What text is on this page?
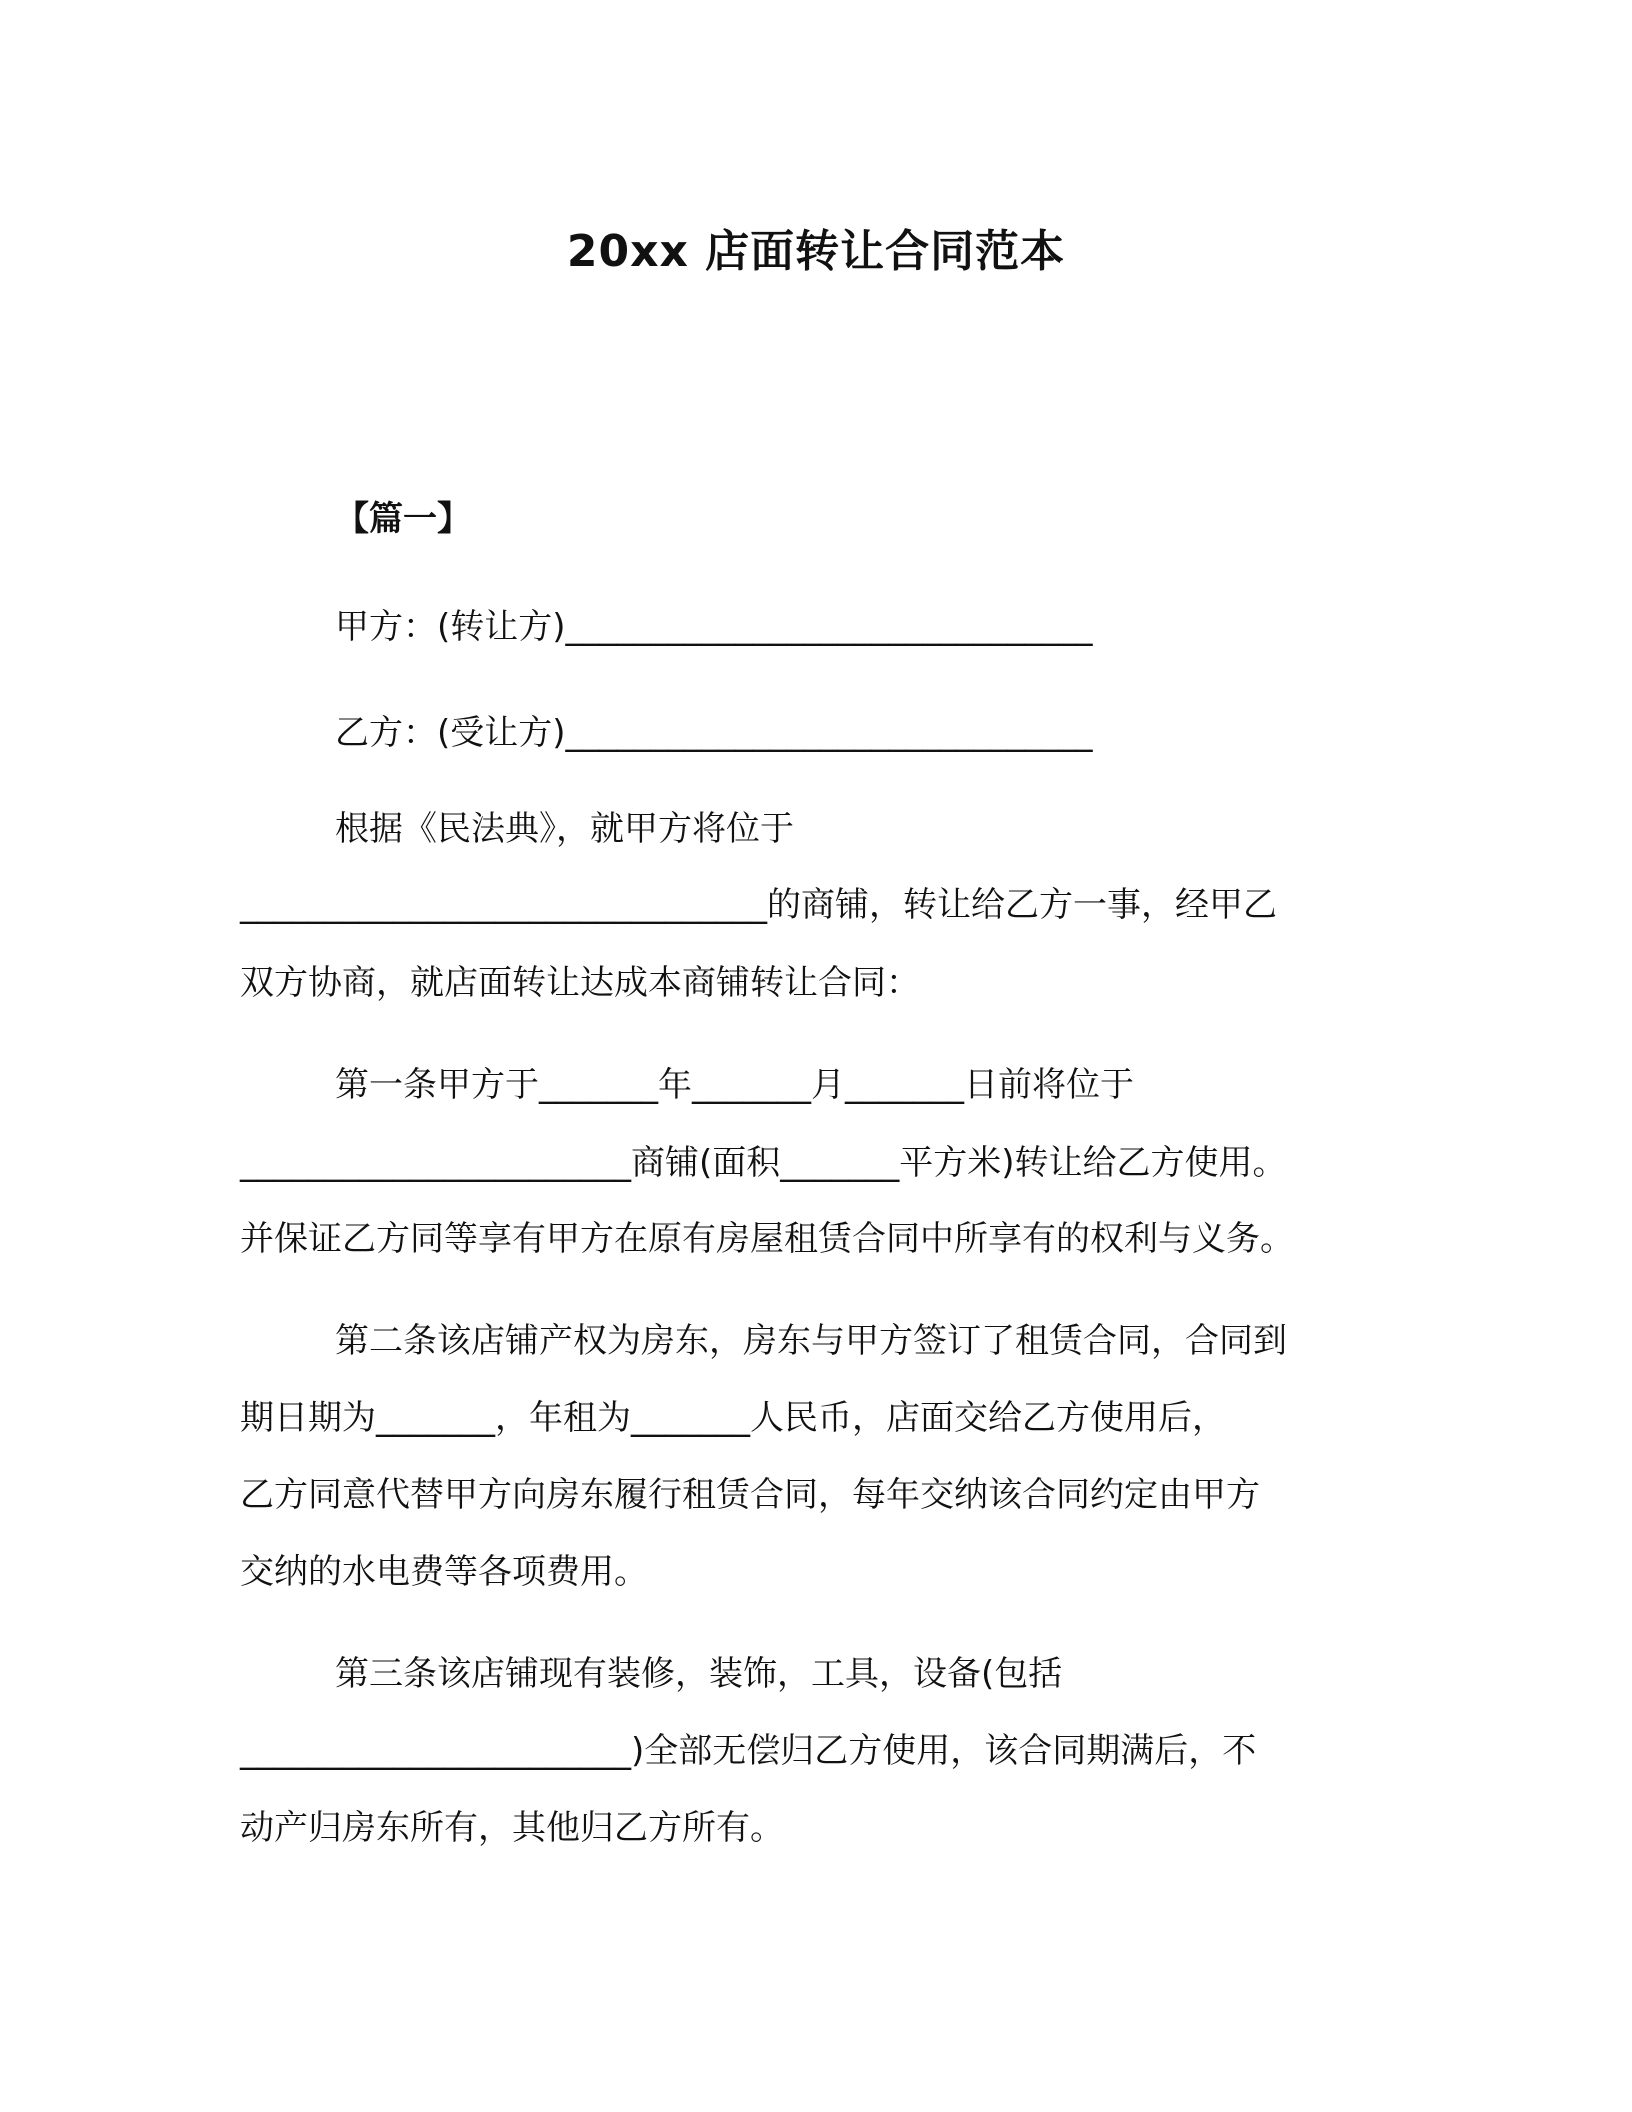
20xx 店面转让合同范本
【篇一】
甲方：(转让方)_______________________________
乙方：(受让方)_______________________________
根据《民法典》，就甲方将位于
_______________________________的商铺，转让给乙方一事，经甲乙
双方协商，就店面转让达成本商铺转让合同：
第一条甲方于_______年_______月_______日前将位于
_______________________商铺(面积_______平方米)转让给乙方使用。
并保证乙方同等享有甲方在原有房屋租赁合同中所享有的权利与义务。
第二条该店铺产权为房东，房东与甲方签订了租赁合同，合同到
期日期为_______，年租为_______人民币，店面交给乙方使用后，
乙方同意代替甲方向房东履行租赁合同，每年交纳该合同约定由甲方
交纳的水电费等各项费用。
第三条该店铺现有装修，装饰，工具，设备(包括
_______________________)全部无偿归乙方使用，该合同期满后，不
动产归房东所有，其他归乙方所有。
